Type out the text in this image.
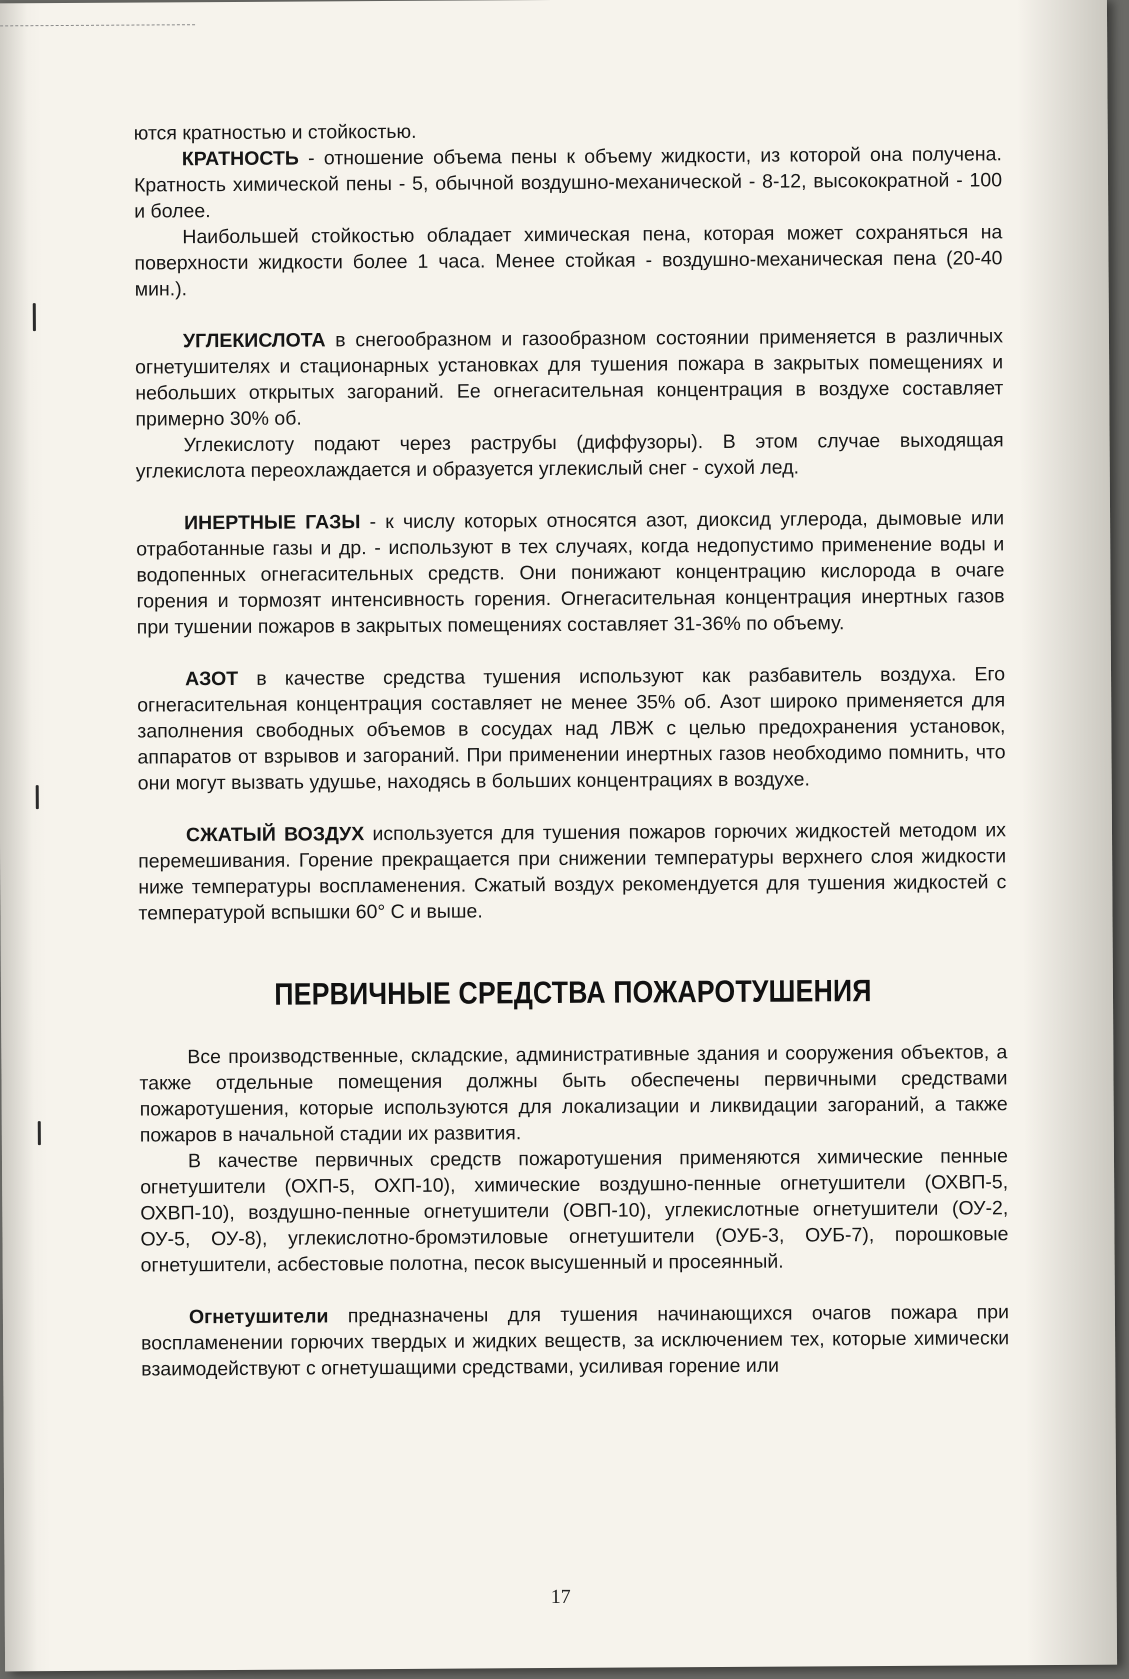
ются кратностью и стойкостью.

КРАТНОСТЬ - отношение объема пены к объему жидкости, из которой она получена. Кратность химической пены - 5, обычной воздушно-механической - 8-12, высокократной - 100 и более.

Наибольшей стойкостью обладает химическая пена, которая может сохраняться на поверхности жидкости более 1 часа. Менее стойкая - воздушно-механическая пена (20-40 мин.).

УГЛЕКИСЛОТА в снегообразном и газообразном состоянии применяется в различных огнетушителях и стационарных установках для тушения пожара в закрытых помещениях и небольших открытых загораний. Ее огнегасительная концентрация в воздухе составляет примерно 30% об.

Углекислоту подают через раструбы (диффузоры). В этом случае выходящая углекислота переохлаждается и образуется углекислый снег - сухой лед.

ИНЕРТНЫЕ ГАЗЫ - к числу которых относятся азот, диоксид углерода, дымовые или отработанные газы и др. - используют в тех случаях, когда недопустимо применение воды и водопенных огнегасительных средств. Они понижают концентрацию кислорода в очаге горения и тормозят интенсивность горения. Огнегасительная концентрация инертных газов при тушении пожаров в закрытых помещениях составляет 31-36% по объему.

АЗОТ в качестве средства тушения используют как разбавитель воздуха. Его огнегасительная концентрация составляет не менее 35% об. Азот широко применяется для заполнения свободных объемов в сосудах над ЛВЖ с целью предохранения установок, аппаратов от взрывов и загораний. При применении инертных газов необходимо помнить, что они могут вызвать удушье, находясь в больших концентрациях в воздухе.

СЖАТЫЙ ВОЗДУХ используется для тушения пожаров горючих жидкостей методом их перемешивания. Горение прекращается при снижении температуры верхнего слоя жидкости ниже температуры воспламенения. Сжатый воздух рекомендуется для тушения жидкостей с температурой вспышки 60° С и выше.

ПЕРВИЧНЫЕ СРЕДСТВА ПОЖАРОТУШЕНИЯ

Все производственные, складские, административные здания и сооружения объектов, а также отдельные помещения должны быть обеспечены первичными средствами пожаротушения, которые используются для локализации и ликвидации загораний, а также пожаров в начальной стадии их развития.

В качестве первичных средств пожаротушения применяются химические пенные огнетушители (ОХП-5, ОХП-10), химические воздушно-пенные огнетушители (ОХВП-5, ОХВП-10), воздушно-пенные огнетушители (ОВП-10), углекислотные огнетушители (ОУ-2, ОУ-5, ОУ-8), углекислотно-бромэтиловые огнетушители (ОУБ-3, ОУБ-7), порошковые огнетушители, асбестовые полотна, песок высушенный и просеянный.

Огнетушители предназначены для тушения начинающихся очагов пожара при воспламенении горючих твердых и жидких веществ, за исключением тех, которые химически взаимодействуют с огнетушащими средствами, усиливая горение или

17
